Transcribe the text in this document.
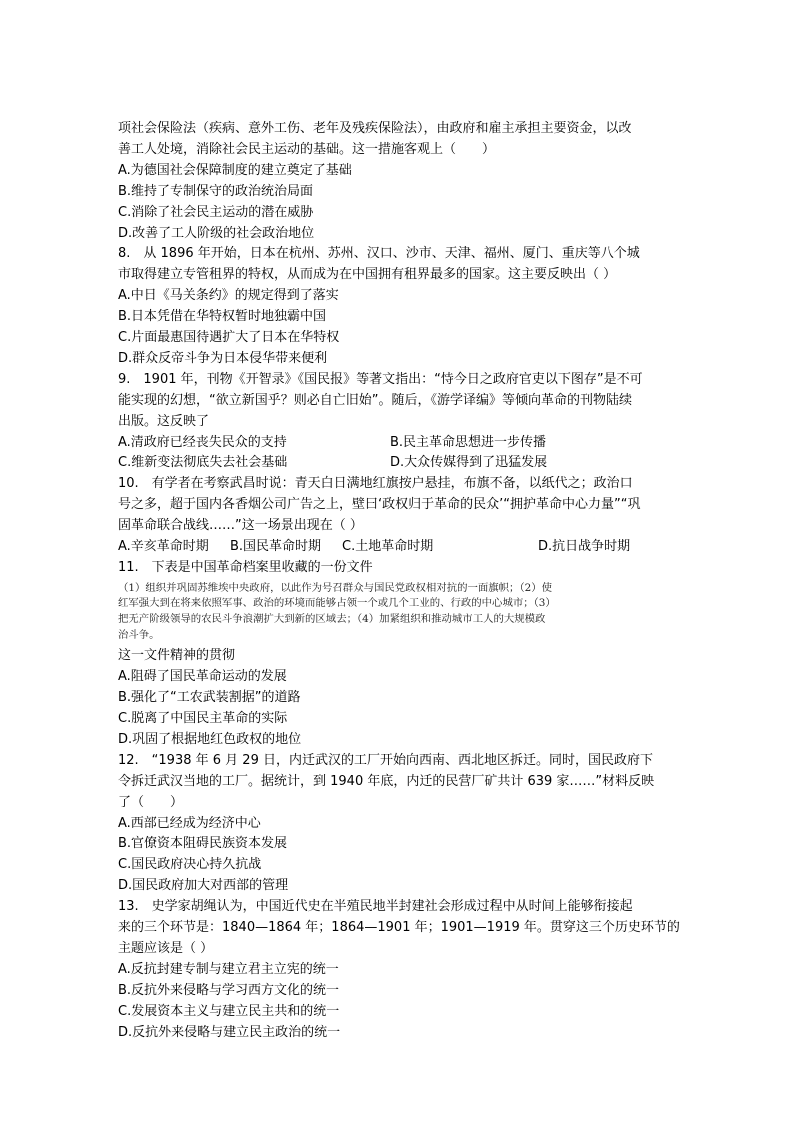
项社会保险法（疾病、意外工伤、老年及残疾保险法），由政府和雇主承担主要资金，以改
善工人处境，消除社会民主运动的基础。这一措施客观上（　　）
A.为德国社会保障制度的建立奠定了基础
B.维持了专制保守的政治统治局面
C.消除了社会民主运动的潜在威胁
D.改善了工人阶级的社会政治地位
8.　从 1896 年开始，日本在杭州、苏州、汉口、沙市、天津、福州、厦门、重庆等八个城
市取得建立专管租界的特权，从而成为在中国拥有租界最多的国家。这主要反映出（ ）
A.中日《马关条约》的规定得到了落实
B.日本凭借在华特权暂时地独霸中国
C.片面最惠国待遇扩大了日本在华特权
D.群众反帝斗争为日本侵华带来便利
9.　1901 年，刊物《开智录》《国民报》等著文指出：“恃今日之政府官吏以下图存”是不可
能实现的幻想，“欲立新国乎？则必自亡旧始”。随后，《游学译编》等倾向革命的刊物陆续
出版。这反映了
A.清政府已经丧失民众的支持	B.民主革命思想进一步传播
C.维新变法彻底失去社会基础	D.大众传媒得到了迅猛发展
10.　有学者在考察武昌时说：青天白日满地红旗按户悬挂，布旗不备，以纸代之；政治口
号之多，超于国内各香烟公司广告之上，壁曰‘政权归于革命的民众’“拥护革命中心力量”“巩
固革命联合战线……”这一场景出现在（ ）
A.辛亥革命时期 B.国民革命时期 C.土地革命时期	D.抗日战争时期
11.　下表是中国革命档案里收藏的一份文件
（1）组织并巩固苏维埃中央政府，以此作为号召群众与国民党政权相对抗的一面旗帜；（2）使
红军强大到在将来依照军事、政治的环境而能够占领一个或几个工业的、行政的中心城市；（3）
把无产阶级领导的农民斗争浪潮扩大到新的区域去；（4）加紧组织和推动城市工人的大规模政
治斗争。
这一文件精神的贯彻
A.阻碍了国民革命运动的发展
B.强化了“工农武装割据”的道路
C.脱离了中国民主革命的实际
D.巩固了根据地红色政权的地位
12.　“1938 年 6 月 29 日，内迁武汉的工厂开始向西南、西北地区拆迁。同时，国民政府下
令拆迁武汉当地的工厂。据统计，到 1940 年底，内迁的民营厂矿共计 639 家……”材料反映
了（　　）
A.西部已经成为经济中心
B.官僚资本阻碍民族资本发展
C.国民政府决心持久抗战
D.国民政府加大对西部的管理
13.　史学家胡绳认为，中国近代史在半殖民地半封建社会形成过程中从时间上能够衔接起
来的三个环节是：1840—1864 年；1864—1901 年；1901—1919 年。贯穿这三个历史环节的
主题应该是（ ）
A.反抗封建专制与建立君主立宪的统一
B.反抗外来侵略与学习西方文化的统一
C.发展资本主义与建立民主共和的统一
D.反抗外来侵略与建立民主政治的统一
